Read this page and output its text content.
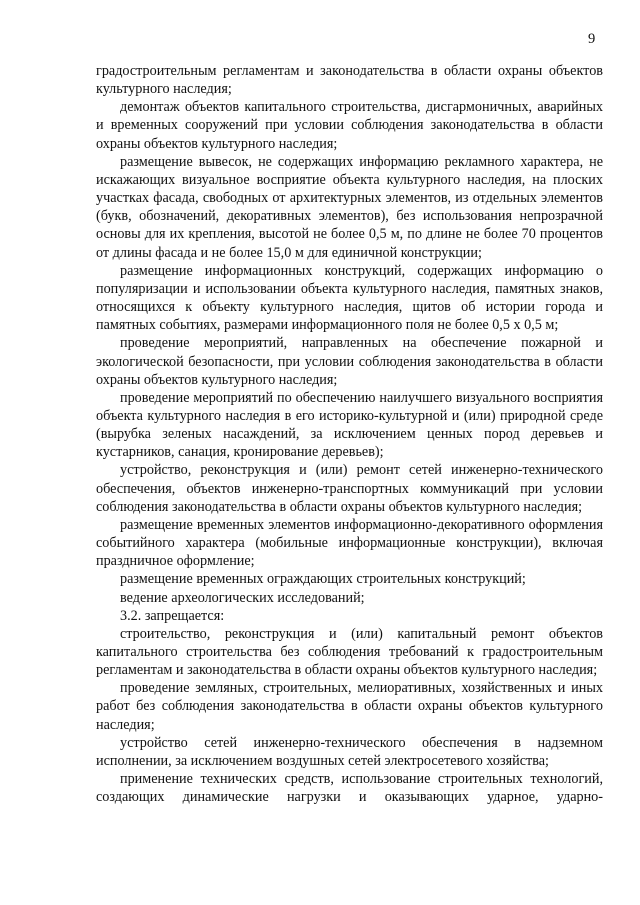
9

градостроительным регламентам и законодательства в области охраны объектов культурного наследия;

демонтаж объектов капитального строительства, дисгармоничных, аварийных и временных сооружений при условии соблюдения законодательства в области охраны объектов культурного наследия;

размещение вывесок, не содержащих информацию рекламного характера, не искажающих визуальное восприятие объекта культурного наследия, на плоских участках фасада, свободных от архитектурных элементов, из отдельных элементов (букв, обозначений, декоративных элементов), без использования непрозрачной основы для их крепления, высотой не более 0,5 м, по длине не более 70 процентов от длины фасада и не более 15,0 м для единичной конструкции;

размещение информационных конструкций, содержащих информацию о популяризации и использовании объекта культурного наследия, памятных знаков, относящихся к объекту культурного наследия, щитов об истории города и памятных событиях, размерами информационного поля не более 0,5 х 0,5 м;

проведение мероприятий, направленных на обеспечение пожарной и экологической безопасности, при условии соблюдения законодательства в области охраны объектов культурного наследия;

проведение мероприятий по обеспечению наилучшего визуального восприятия объекта культурного наследия в его историко-культурной и (или) природной среде (вырубка зеленых насаждений, за исключением ценных пород деревьев и кустарников, санация, кронирование деревьев);

устройство, реконструкция и (или) ремонт сетей инженерно-технического обеспечения, объектов инженерно-транспортных коммуникаций при условии соблюдения законодательства в области охраны объектов культурного наследия;

размещение временных элементов информационно-декоративного оформления событийного характера (мобильные информационные конструкции), включая праздничное оформление;

размещение временных ограждающих строительных конструкций;

ведение археологических исследований;

3.2. запрещается:

строительство, реконструкция и (или) капитальный ремонт объектов капитального строительства без соблюдения требований к градостроительным регламентам и законодательства в области охраны объектов культурного наследия;

проведение земляных, строительных, мелиоративных, хозяйственных и иных работ без соблюдения законодательства в области охраны объектов культурного наследия;

устройство сетей инженерно-технического обеспечения в надземном исполнении, за исключением воздушных сетей электросетевого хозяйства;

применение технических средств, использование строительных технологий, создающих динамические нагрузки и оказывающих ударное, ударно-
